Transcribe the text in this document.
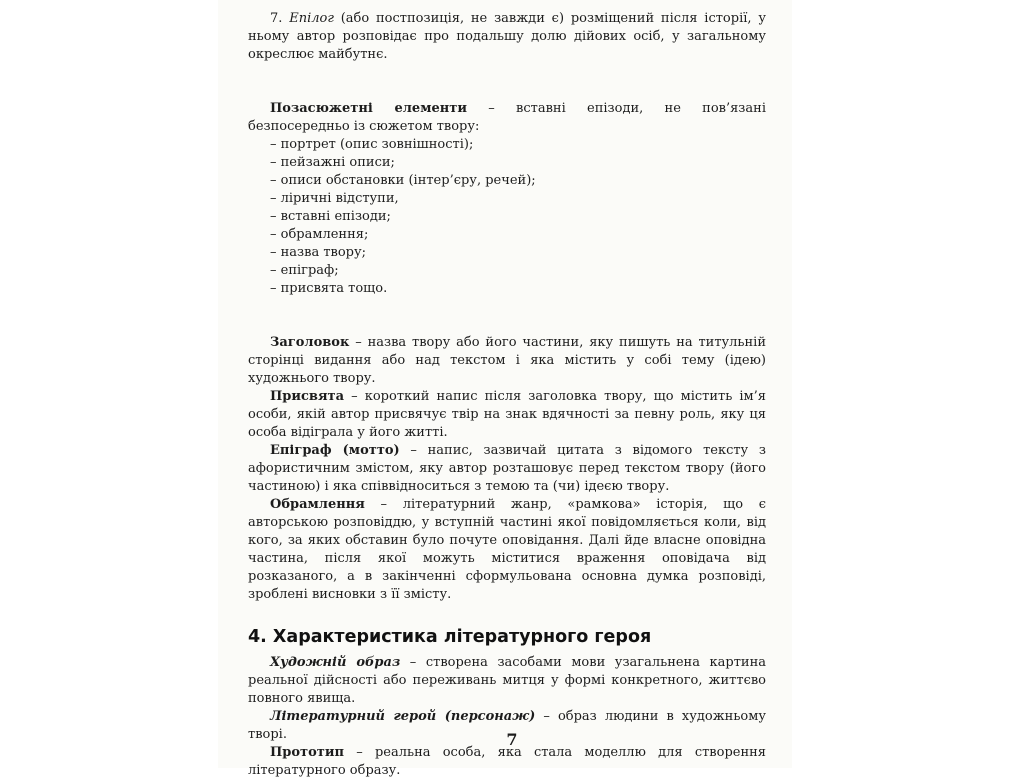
7. Епілог (або постпозиція, не завжди є) розміщений після історії, у ньому автор розповідає про подальшу долю дійових осіб, у загальному окреслює майбутнє.

Позасюжетні елементи – вставні епізоди, не пов’язані безпосередньо із сюжетом твору:

– портрет (опис зовнішності);
– пейзажні описи;
– описи обстановки (інтер’єру, речей);
– ліричні відступи,
– вставні епізоди;
– обрамлення;
– назва твору;
– епіграф;
– присвята тощо.

Заголовок – назва твору або його частини, яку пишуть на титульній сторінці видання або над текстом і яка містить у собі тему (ідею) художнього твору.

Присвята – короткий напис після заголовка твору, що містить ім’я особи, якій автор присвячує твір на знак вдячності за певну роль, яку ця особа відіграла у його житті.

Епіграф (мотто) – напис, зазвичай цитата з відомого тексту з афористичним змістом, яку автор розташовує перед текстом твору (його частиною) і яка співвідноситься з темою та (чи) ідеєю твору.

Обрамлення – літературний жанр, «рамкова» історія, що є авторською розповіддю, у вступній частині якої повідомляється коли, від кого, за яких обставин було почуте оповідання. Далі йде власне оповідна частина, після якої можуть міститися враження оповідача від розказаного, а в закінченні сформульована основна думка розповіді, зроблені висновки з її змісту.

4. Характеристика літературного героя

Художній образ – створена засобами мови узагальнена картина реальної дійсності або переживань митця у формі конкретного, життєво повного явища.

Літературний герой (персонаж) – образ людини в художньому творі.

Прототип – реальна особа, яка стала моделлю для створення літературного образу.

7
